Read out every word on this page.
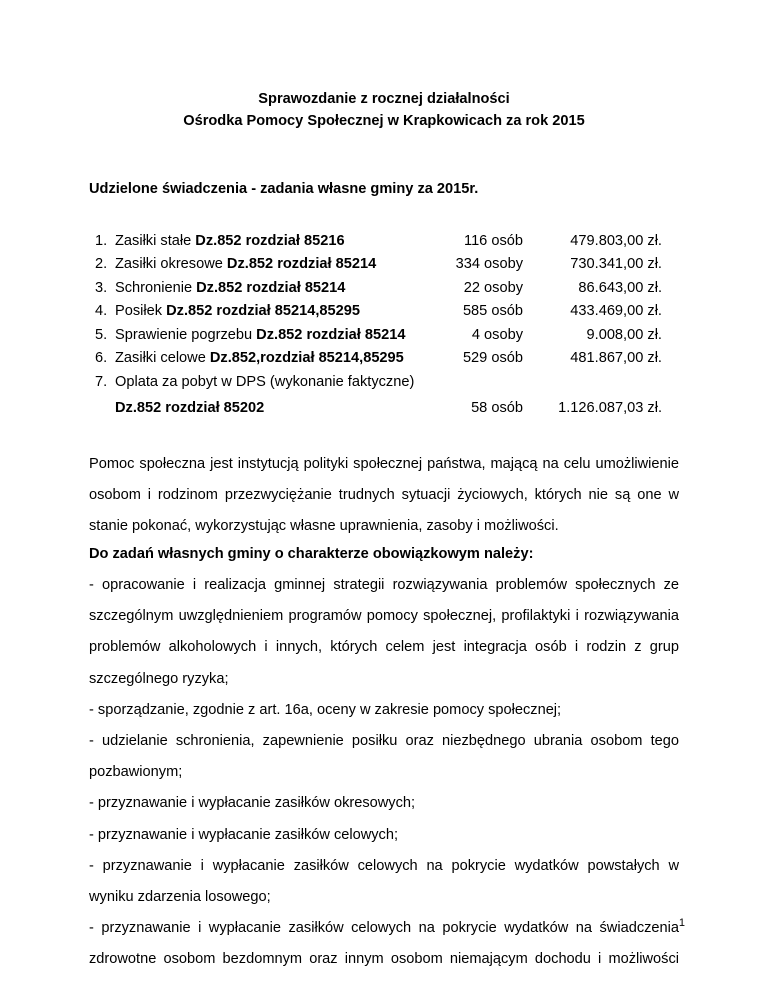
Sprawozdanie z rocznej działalności
Ośrodka Pomocy Społecznej w Krapkowicach za rok 2015
Udzielone świadczenia - zadania własne gminy za 2015r.
1. Zasiłki stałe Dz.852 rozdział 85216	116 osób	479.803,00 zł.
2. Zasiłki okresowe Dz.852 rozdział 85214	334 osoby	730.341,00 zł.
3. Schronienie Dz.852 rozdział 85214	22 osoby	86.643,00 zł.
4. Posiłek Dz.852 rozdział 85214,85295	585 osób	433.469,00 zł.
5. Sprawienie pogrzebu Dz.852 rozdział 85214	4 osoby	9.008,00 zł.
6. Zasiłki celowe Dz.852,rozdział 85214,85295	529 osób	481.867,00 zł.
7. Oplata za pobyt w DPS (wykonanie faktyczne)
Dz.852 rozdział 85202	58 osób 1.126.087,03 zł.
Pomoc społeczna jest instytucją polityki społecznej państwa, mającą na celu umożliwienie
osobom i rodzinom przezwyciężanie trudnych sytuacji życiowych, których nie są one w
stanie pokonać, wykorzystując własne uprawnienia, zasoby i możliwości.
Do zadań własnych gminy o charakterze obowiązkowym należy:
- opracowanie i realizacja gminnej strategii rozwiązywania problemów społecznych ze
szczególnym uwzględnieniem programów pomocy społecznej, profilaktyki i rozwiązywania
problemów alkoholowych i innych, których celem jest integracja osób i rodzin z grup
szczególnego ryzyka;
- sporządzanie, zgodnie z art. 16a, oceny w zakresie pomocy społecznej;
- udzielanie schronienia, zapewnienie posiłku oraz niezbędnego ubrania osobom tego
pozbawionym;
- przyznawanie i wypłacanie zasiłków okresowych;
- przyznawanie i wypłacanie zasiłków celowych;
- przyznawanie i wypłacanie zasiłków celowych na pokrycie wydatków powstałych w
wyniku zdarzenia losowego;
- przyznawanie i wypłacanie zasiłków celowych na pokrycie wydatków na świadczenia
zdrowotne osobom bezdomnym oraz innym osobom niemającym dochodu i możliwości
1
